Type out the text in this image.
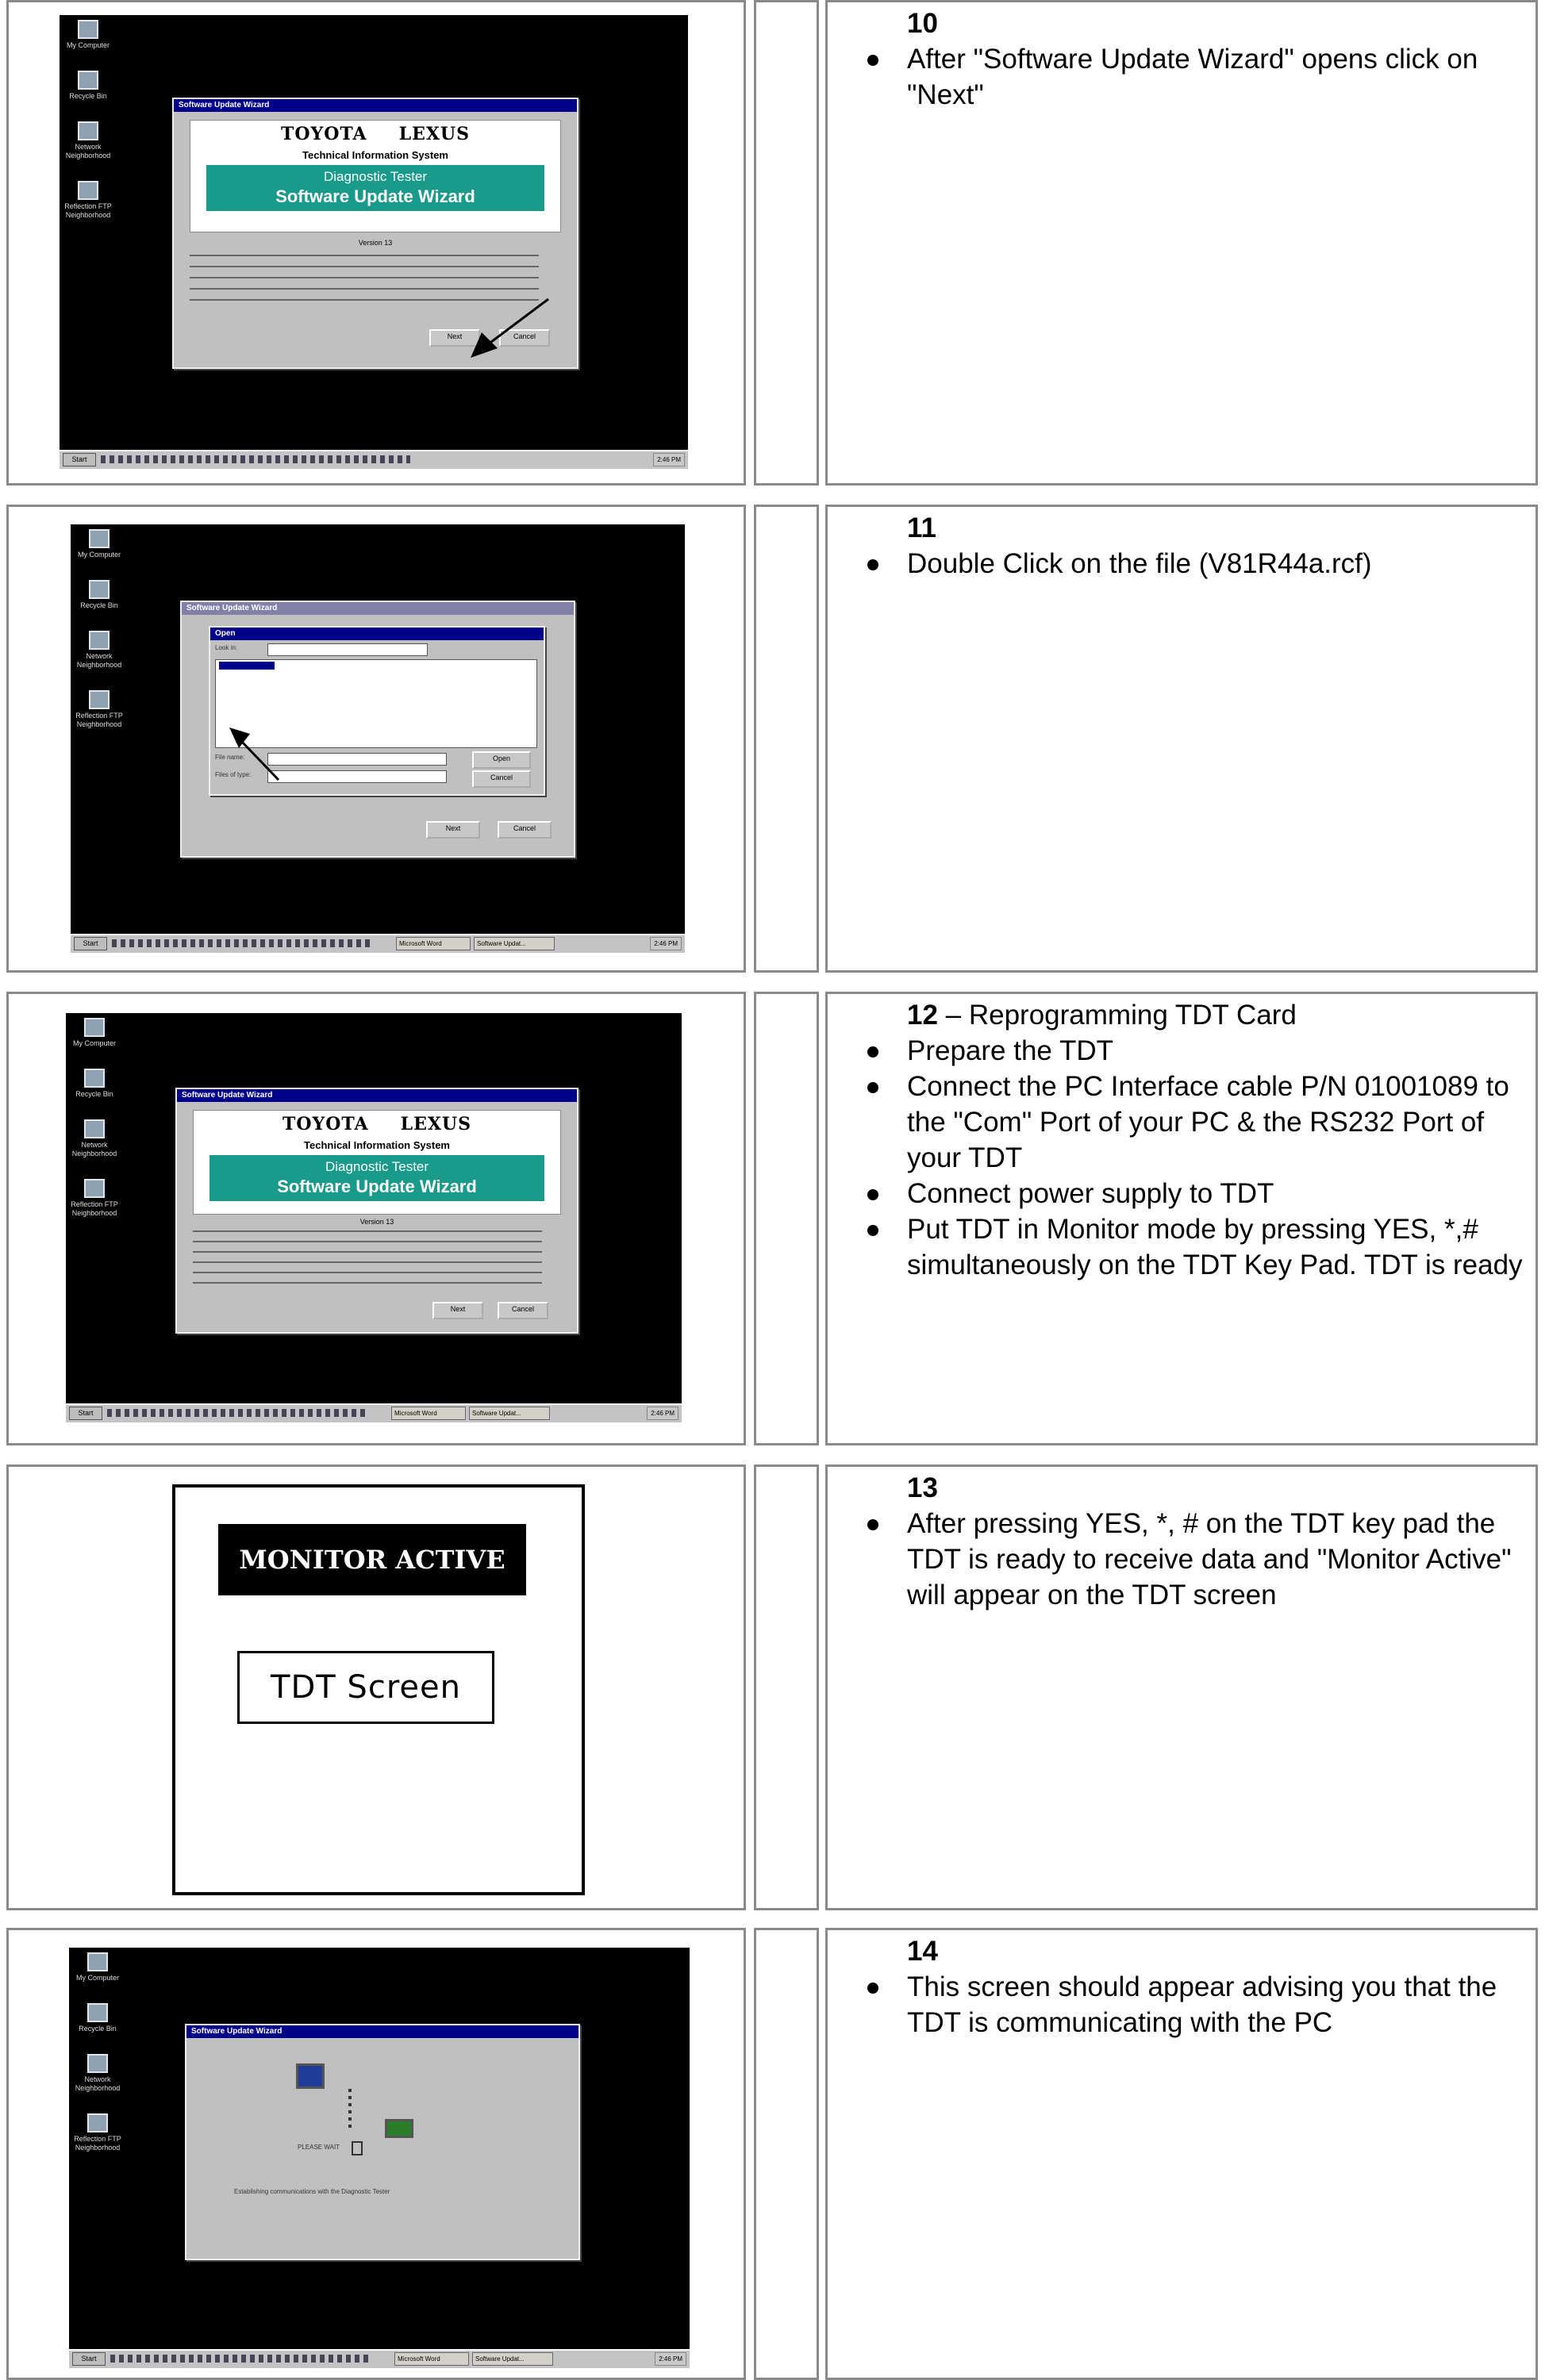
My Computer
Recycle Bin
Network Neighborhood
Reflection FTP Neighborhood
Software Update Wizard
TOYOTA LEXUS
Technical Information System
Diagnostic Tester
Software Update Wizard
Version 13
Next	Cancel
Start	2:46 PM
10
After "Software Update Wizard" opens click on "Next"
My Computer
Recycle Bin
Network Neighborhood
Reflection FTP Neighborhood
Software Update Wizard
Open
Look in:
File name:
Files of type:
Open
Cancel
Next	Cancel
Start	Microsoft Word	Software Updat...	2:46 PM
11
Double Click on the file (V81R44a.rcf)
My Computer
Recycle Bin
Network Neighborhood
Reflection FTP Neighborhood
Software Update Wizard
TOYOTA LEXUS
Technical Information System
Diagnostic Tester
Software Update Wizard
Version 13
Next	Cancel
Start	Microsoft Word	Software Updat...	2:46 PM
12 – Reprogramming TDT Card
Prepare the TDT
Connect the PC Interface cable P/N 01001089 to the "Com" Port of your PC & the RS232 Port of your TDT
Connect power supply to TDT
Put TDT in Monitor mode by pressing YES, *,# simultaneously on the TDT Key Pad. TDT is ready
MONITOR ACTIVE
TDT Screen
13
After pressing YES, *, # on the TDT key pad the TDT is ready to receive data and "Monitor Active" will appear on the TDT screen
My Computer
Recycle Bin
Network Neighborhood
Reflection FTP Neighborhood
Software Update Wizard
PLEASE WAIT
Establishing communications with the Diagnostic Tester
Start	Microsoft Word	Software Updat...	2:46 PM
14
This screen should appear advising you that the TDT is communicating with the PC
